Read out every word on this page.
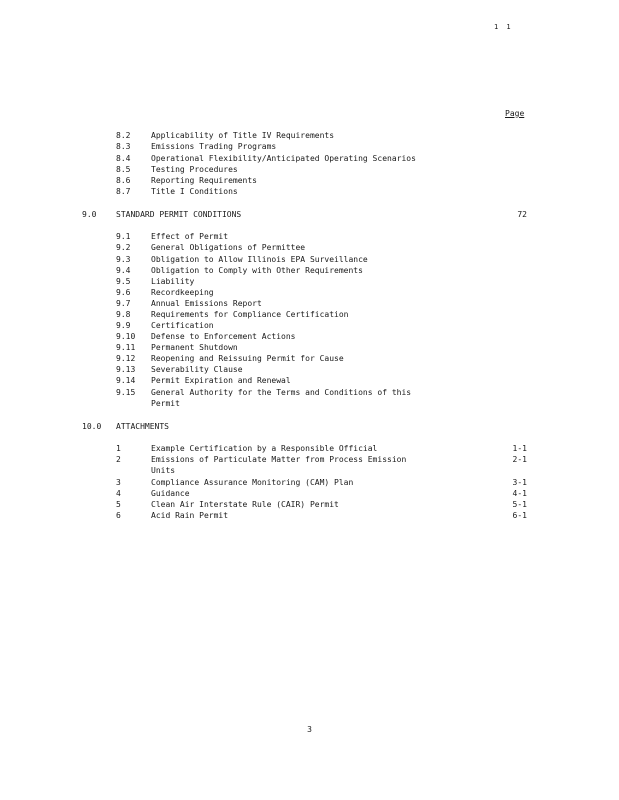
1 1
Page
8.2	Applicability of Title IV Requirements
8.3	Emissions Trading Programs
8.4	Operational Flexibility/Anticipated Operating Scenarios
8.5	Testing Procedures
8.6	Reporting Requirements
8.7	Title I Conditions
9.0 STANDARD PERMIT CONDITIONS	72
9.1	Effect of Permit
9.2	General Obligations of Permittee
9.3	Obligation to Allow Illinois EPA Surveillance
9.4	Obligation to Comply with Other Requirements
9.5	Liability
9.6	Recordkeeping
9.7	Annual Emissions Report
9.8	Requirements for Compliance Certification
9.9	Certification
9.10 Defense to Enforcement Actions
9.11 Permanent Shutdown
9.12 Reopening and Reissuing Permit for Cause
9.13 Severability Clause
9.14 Permit Expiration and Renewal
9.15 General Authority for the Terms and Conditions of this
Permit
10.0 ATTACHMENTS
1	Example Certification by a Responsible Official	1-1
2	Emissions of Particulate Matter from Process Emission	2-1
Units
3	Compliance Assurance Monitoring (CAM) Plan	3-1
4	Guidance	4-1
5	Clean Air Interstate Rule (CAIR) Permit	5-1
6	Acid Rain Permit	6-1
3
